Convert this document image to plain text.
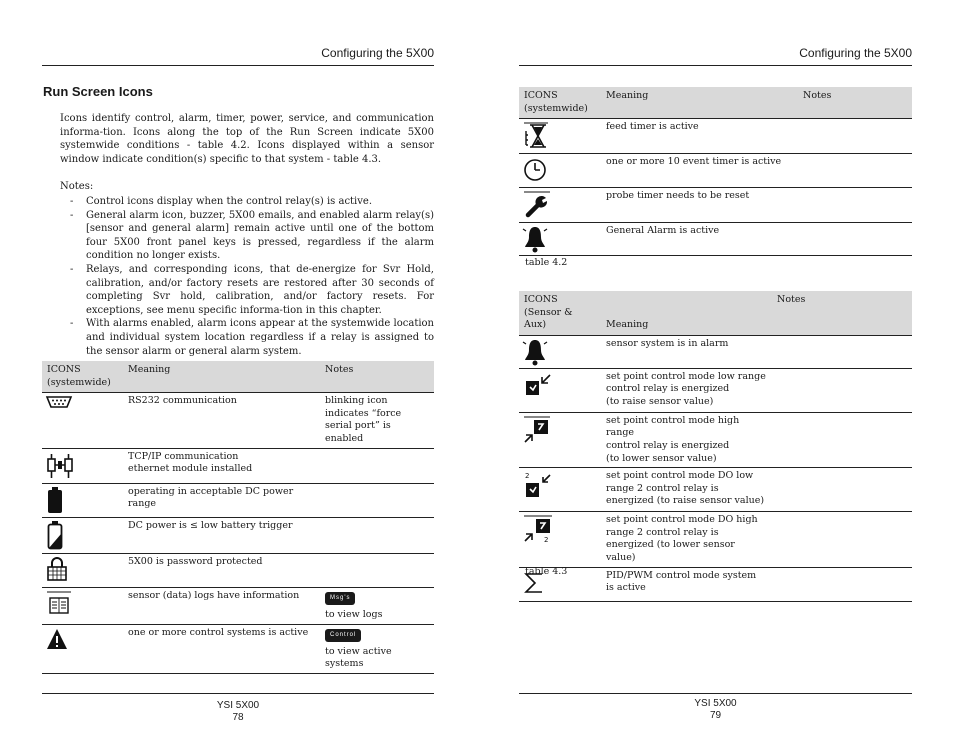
Configuring the 5X00
Run Screen Icons
Icons identify control, alarm, timer, power, service, and communication informa-tion. Icons along the top of the Run Screen indicate 5X00 systemwide conditions - table 4.2. Icons displayed within a sensor window indicate condition(s) specific to that system - table 4.3.
Notes:
- Control icons display when the control relay(s) is active.
- General alarm icon, buzzer, 5X00 emails, and enabled alarm relay(s) [sensor and general alarm] remain active until one of the bottom four 5X00 front panel keys is pressed, regardless if the alarm condition no longer exists.
- Relays, and corresponding icons, that de-energize for Svr Hold, calibration, and/or factory resets are restored after 30 seconds of completing Svr hold, calibration, and/or factory resets. For exceptions, see menu specific informa-tion in this chapter.
- With alarms enabled, alarm icons appear at the systemwide location and individual system location regardless if a relay is assigned to the sensor alarm or general alarm system.
ICONS
(systemwide)	Meaning	Notes

	RS232 communication	blinking icon indicates “force serial port” is enabled

	TCP/IP communication
ethernet module installed	

	operating in acceptable DC power range	

	DC power is ≤ low battery trigger	

	5X00 is password protected	

	sensor (data) logs have information	Msg's
to view logs

	one or more control systems is active	Control
to view active systems
YSI 5X00
78
Configuring the 5X00
ICONS
(systemwide)	Meaning	Notes

	feed timer is active	

	one or more 10 event timer is active	

	probe timer needs to be reset	

	General Alarm is active	
table 4.2
ICONS
(Sensor & Aux)	Meaning	Notes

	sensor system is in alarm	

	set point control mode low range
control relay is energized
(to raise sensor value)	

	set point control mode high range
control relay is energized
(to lower sensor value)	

2	set point control mode DO low range 2 control relay is energized (to raise sensor value)	

2	set point control mode DO high range 2 control relay is energized (to lower sensor value)	

	PID/PWM control mode system is active	
table 4.3
YSI 5X00
79
